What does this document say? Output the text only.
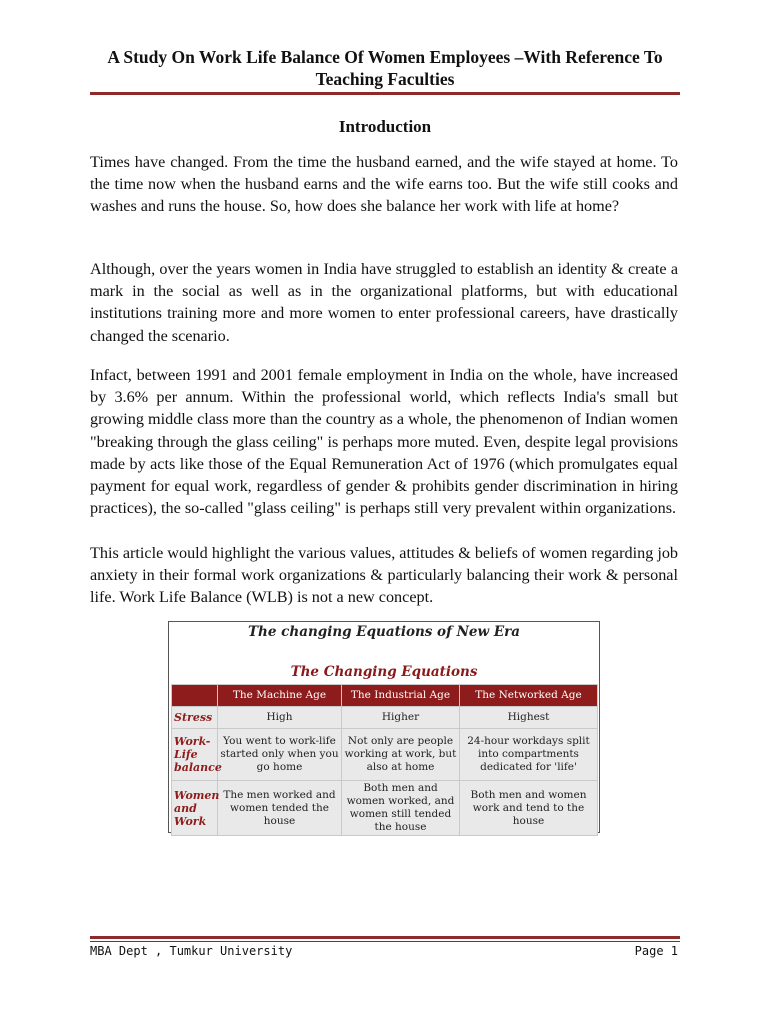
A Study On Work Life Balance Of Women Employees –With Reference To Teaching Faculties
Introduction
Times have changed. From the time the husband earned, and the wife stayed at home. To the time now when the husband earns and the wife earns too. But the wife still cooks and washes and runs the house. So, how does she balance her work with life at home?
Although, over the years women in India have struggled to establish an identity & create a mark in the social as well as in the organizational platforms, but with educational institutions training more and more women to enter professional careers, have drastically changed the scenario.
Infact, between 1991 and 2001 female employment in India on the whole, have increased by 3.6% per annum. Within the professional world, which reflects India's small but growing middle class more than the country as a whole, the phenomenon of Indian women "breaking through the glass ceiling" is perhaps more muted. Even, despite legal provisions made by acts like those of the Equal Remuneration Act of 1976 (which promulgates equal payment for equal work, regardless of gender & prohibits gender discrimination in hiring practices), the so-called "glass ceiling" is perhaps still very prevalent within organizations.
This article would highlight the various values, attitudes & beliefs of women regarding job anxiety in their formal work organizations & particularly balancing their work & personal life. Work Life Balance (WLB) is not a new concept.
The changing Equations of New Era
The Changing Equations
	The Machine Age	The Industrial Age	The Networked Age
Stress	High	Higher	Highest
Work-Life balance	You went to work-life started only when you go home	Not only are people working at work, but also at home	24-hour workdays split into compartments dedicated for 'life'
Women and Work	The men worked and women tended the house	Both men and women worked, and women still tended the house	Both men and women work and tend to the house
MBA Dept , Tumkur University	Page 1
